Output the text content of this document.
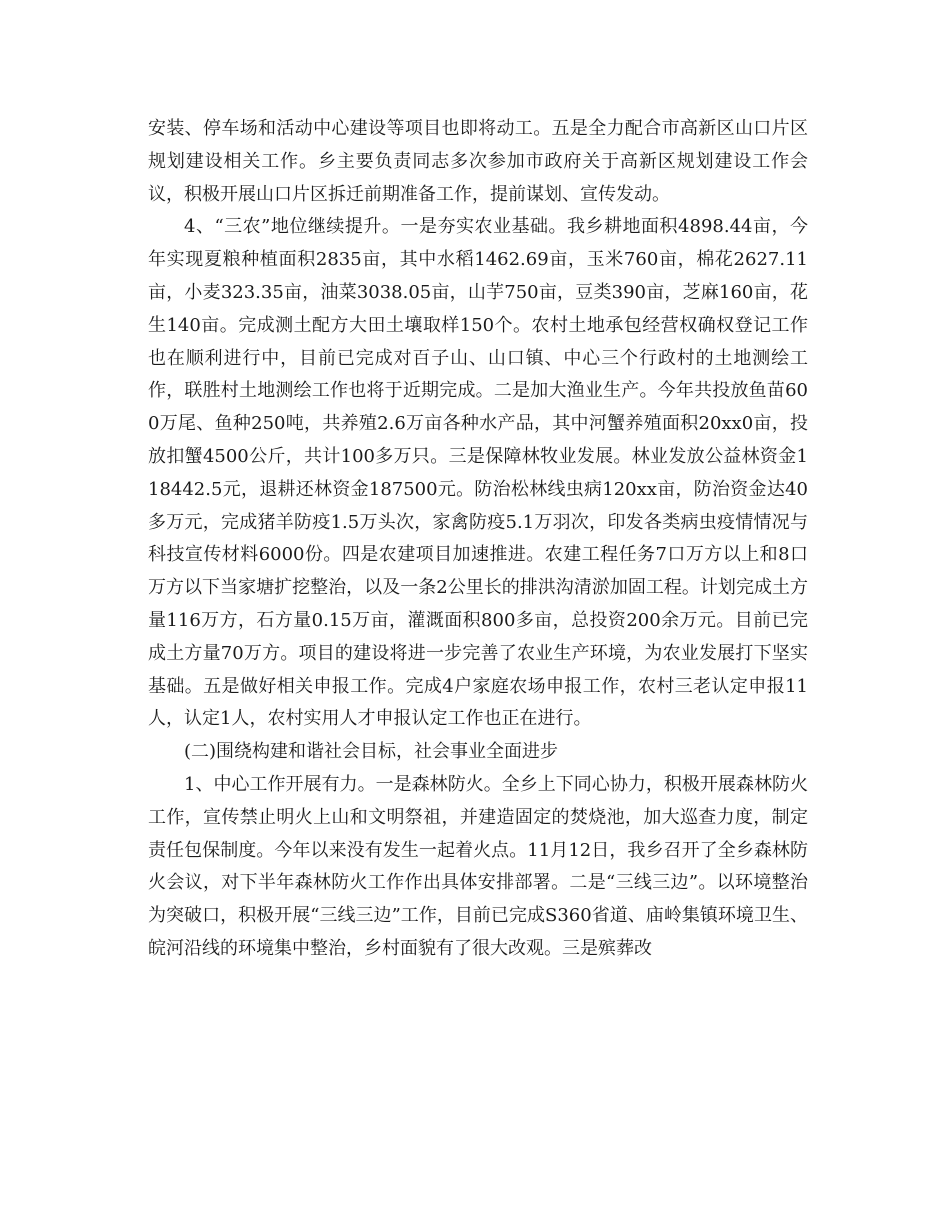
安装、停车场和活动中心建设等项目也即将动工。五是全力配合市高新区山口片区规划建设相关工作。乡主要负责同志多次参加市政府关于高新区规划建设工作会议，积极开展山口片区拆迁前期准备工作，提前谋划、宣传发动。

4、“三农”地位继续提升。一是夯实农业基础。我乡耕地面积4898.44亩，今年实现夏粮种植面积2835亩，其中水稻1462.69亩，玉米760亩，棉花2627.11亩，小麦323.35亩，油菜3038.05亩，山芋750亩，豆类390亩，芝麻160亩，花生140亩。完成测土配方大田土壤取样150个。农村土地承包经营权确权登记工作也在顺利进行中，目前已完成对百子山、山口镇、中心三个行政村的土地测绘工作，联胜村土地测绘工作也将于近期完成。二是加大渔业生产。今年共投放鱼苗600万尾、鱼种250吨，共养殖2.6万亩各种水产品，其中河蟹养殖面积20xx0亩，投放扣蟹4500公斤，共计100多万只。三是保障林牧业发展。林业发放公益林资金118442.5元，退耕还林资金187500元。防治松林线虫病120xx亩，防治资金达40多万元，完成猪羊防疫1.5万头次，家禽防疫5.1万羽次，印发各类病虫疫情情况与科技宣传材料6000份。四是农建项目加速推进。农建工程任务7口万方以上和8口万方以下当家塘扩挖整治，以及一条2公里长的排洪沟清淤加固工程。计划完成土方量116万方，石方量0.15万亩，灌溉面积800多亩，总投资200余万元。目前已完成土方量70万方。项目的建设将进一步完善了农业生产环境，为农业发展打下坚实基础。五是做好相关申报工作。完成4户家庭农场申报工作，农村三老认定申报11人，认定1人，农村实用人才申报认定工作也正在进行。

(二)围绕构建和谐社会目标，社会事业全面进步

1、中心工作开展有力。一是森林防火。全乡上下同心协力，积极开展森林防火工作，宣传禁止明火上山和文明祭祖，并建造固定的焚烧池，加大巡查力度，制定责任包保制度。今年以来没有发生一起着火点。11月12日，我乡召开了全乡森林防火会议，对下半年森林防火工作作出具体安排部署。二是“三线三边”。以环境整治为突破口，积极开展“三线三边”工作，目前已完成S360省道、庙岭集镇环境卫生、皖河沿线的环境集中整治，乡村面貌有了很大改观。三是殡葬改
